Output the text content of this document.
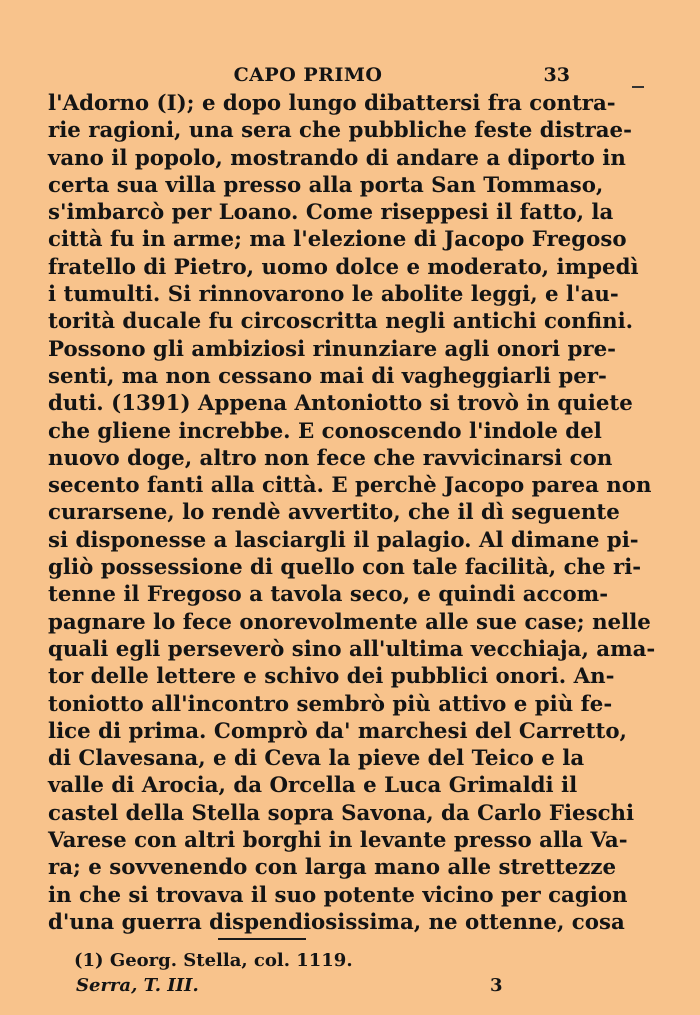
CAPO PRIMO	33
l'Adorno (I); e dopo lungo dibattersi fra contra-
rie ragioni, una sera che pubbliche feste distrae-
vano il popolo, mostrando di andare a diporto in
certa sua villa presso alla porta San Tommaso,
s'imbarcò per Loano. Come riseppesi il fatto, la
città fu in arme; ma l'elezione di Jacopo Fregoso
fratello di Pietro, uomo dolce e moderato, impedì
i tumulti. Si rinnovarono le abolite leggi, e l'au-
torità ducale fu circoscritta negli antichi confini.
Possono gli ambiziosi rinunziare agli onori pre-
senti, ma non cessano mai di vagheggiarli per-
duti. (1391) Appena Antoniotto si trovò in quiete
che gliene increbbe. E conoscendo l'indole del
nuovo doge, altro non fece che ravvicinarsi con
secento fanti alla città. E perchè Jacopo parea non
curarsene, lo rendè avvertito, che il dì seguente
si disponesse a lasciargli il palagio. Al dimane pi-
gliò possessione di quello con tale facilità, che ri-
tenne il Fregoso a tavola seco, e quindi accom-
pagnare lo fece onorevolmente alle sue case; nelle
quali egli perseverò sino all'ultima vecchiaja, ama-
tor delle lettere e schivo dei pubblici onori. An-
toniotto all'incontro sembrò più attivo e più fe-
lice di prima. Comprò da' marchesi del Carretto,
di Clavesana, e di Ceva la pieve del Teico e la
valle di Arocia, da Orcella e Luca Grimaldi il
castel della Stella sopra Savona, da Carlo Fieschi
Varese con altri borghi in levante presso alla Va-
ra; e sovvenendo con larga mano alle strettezze
in che si trovava il suo potente vicino per cagion
d'una guerra dispendiosissima, ne ottenne, cosa
(1) Georg. Stella, col. 1119.
Serra, T. III.	3
